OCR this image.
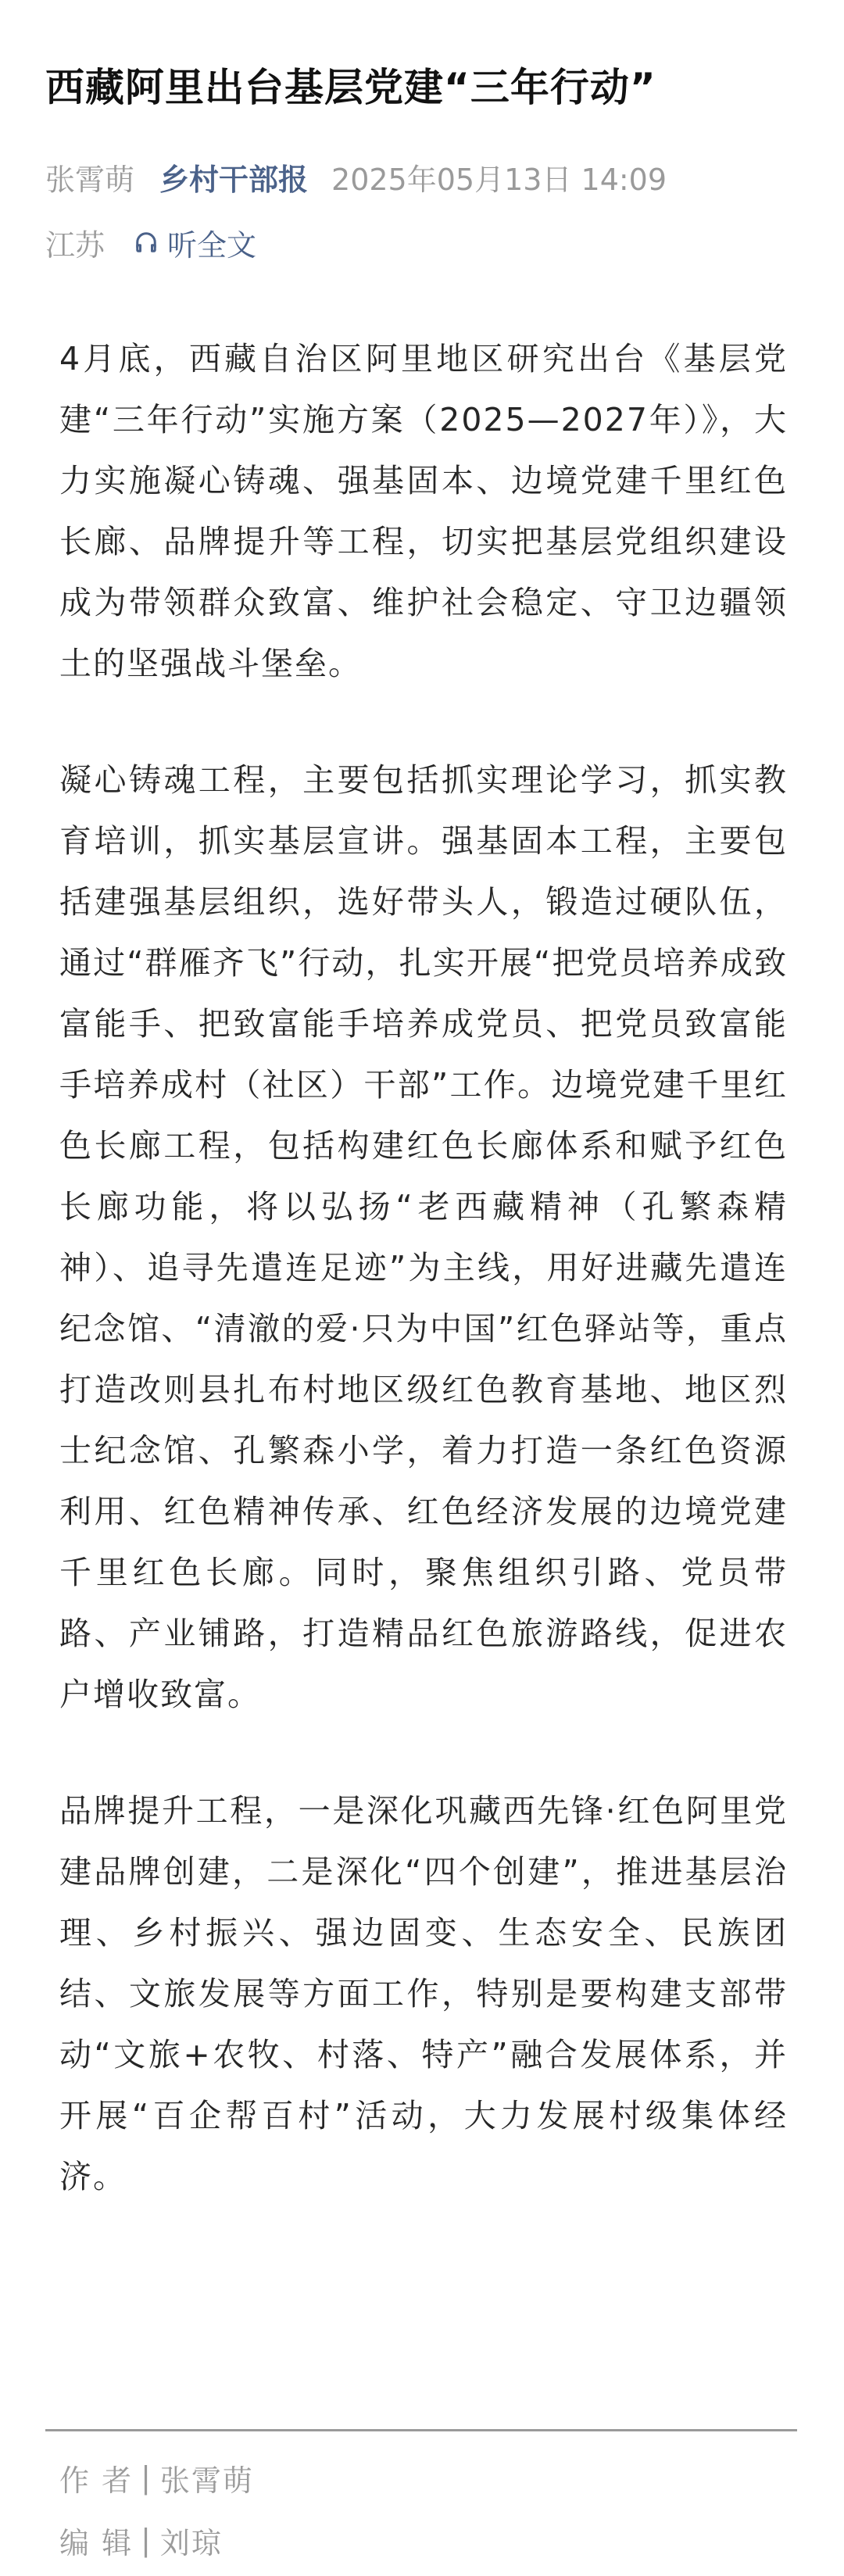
西藏阿里出台基层党建“三年行动”
张霄萌 乡村干部报 2025年05月13日 14:09
江苏 听全文

4月底，西藏自治区阿里地区研究出台《基层党建“三年行动”实施方案（2025—2027年）》，大力实施凝心铸魂、强基固本、边境党建千里红色长廊、品牌提升等工程，切实把基层党组织建设成为带领群众致富、维护社会稳定、守卫边疆领土的坚强战斗堡垒。

凝心铸魂工程，主要包括抓实理论学习，抓实教育培训，抓实基层宣讲。强基固本工程，主要包括建强基层组织，选好带头人，锻造过硬队伍，通过“群雁齐飞”行动，扎实开展“把党员培养成致富能手、把致富能手培养成党员、把党员致富能手培养成村（社区）干部”工作。边境党建千里红色长廊工程，包括构建红色长廊体系和赋予红色长廊功能，将以弘扬“老西藏精神（孔繁森精神）、追寻先遣连足迹”为主线，用好进藏先遣连纪念馆、“清澈的爱·只为中国”红色驿站等，重点打造改则县扎布村地区级红色教育基地、地区烈士纪念馆、孔繁森小学，着力打造一条红色资源利用、红色精神传承、红色经济发展的边境党建千里红色长廊。同时，聚焦组织引路、党员带路、产业铺路，打造精品红色旅游路线，促进农户增收致富。

品牌提升工程，一是深化巩藏西先锋·红色阿里党建品牌创建，二是深化“四个创建”，推进基层治理、乡村振兴、强边固变、生态安全、民族团结、文旅发展等方面工作，特别是要构建支部带动“文旅+农牧、村落、特产”融合发展体系，并开展“百企帮百村”活动，大力发展村级集体经济。

作 者 | 张霄萌
编 辑 | 刘琼
